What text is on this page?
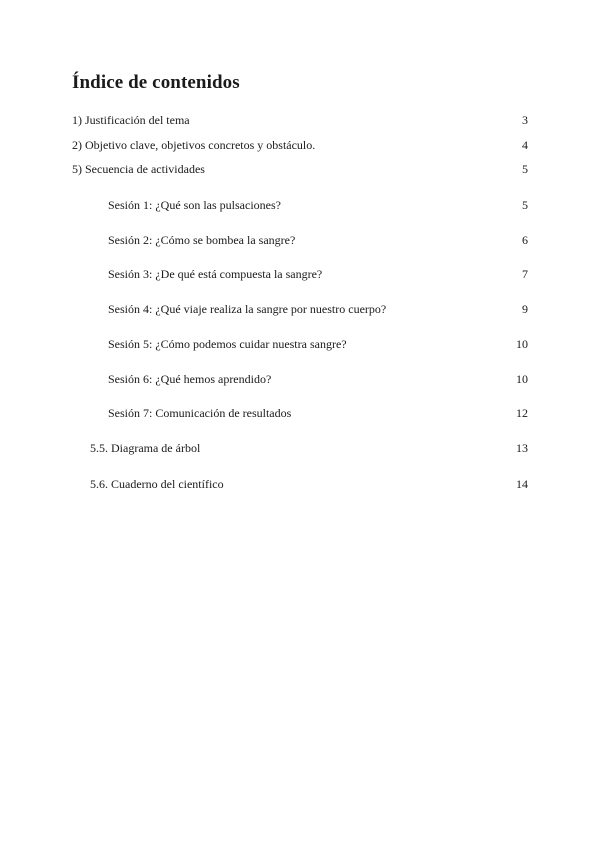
Índice de contenidos
1) Justificación del tema	3
2) Objetivo clave, objetivos concretos y obstáculo.	4
5) Secuencia de actividades	5
Sesión 1: ¿Qué son las pulsaciones?	5
Sesión 2: ¿Cómo se bombea la sangre?	6
Sesión 3: ¿De qué está compuesta la sangre?	7
Sesión 4: ¿Qué viaje realiza la sangre por nuestro cuerpo?	9
Sesión 5: ¿Cómo podemos cuidar nuestra sangre?	10
Sesión 6: ¿Qué hemos aprendido?	10
Sesión 7: Comunicación de resultados	12
5.5. Diagrama de árbol	13
5.6. Cuaderno del científico	14
